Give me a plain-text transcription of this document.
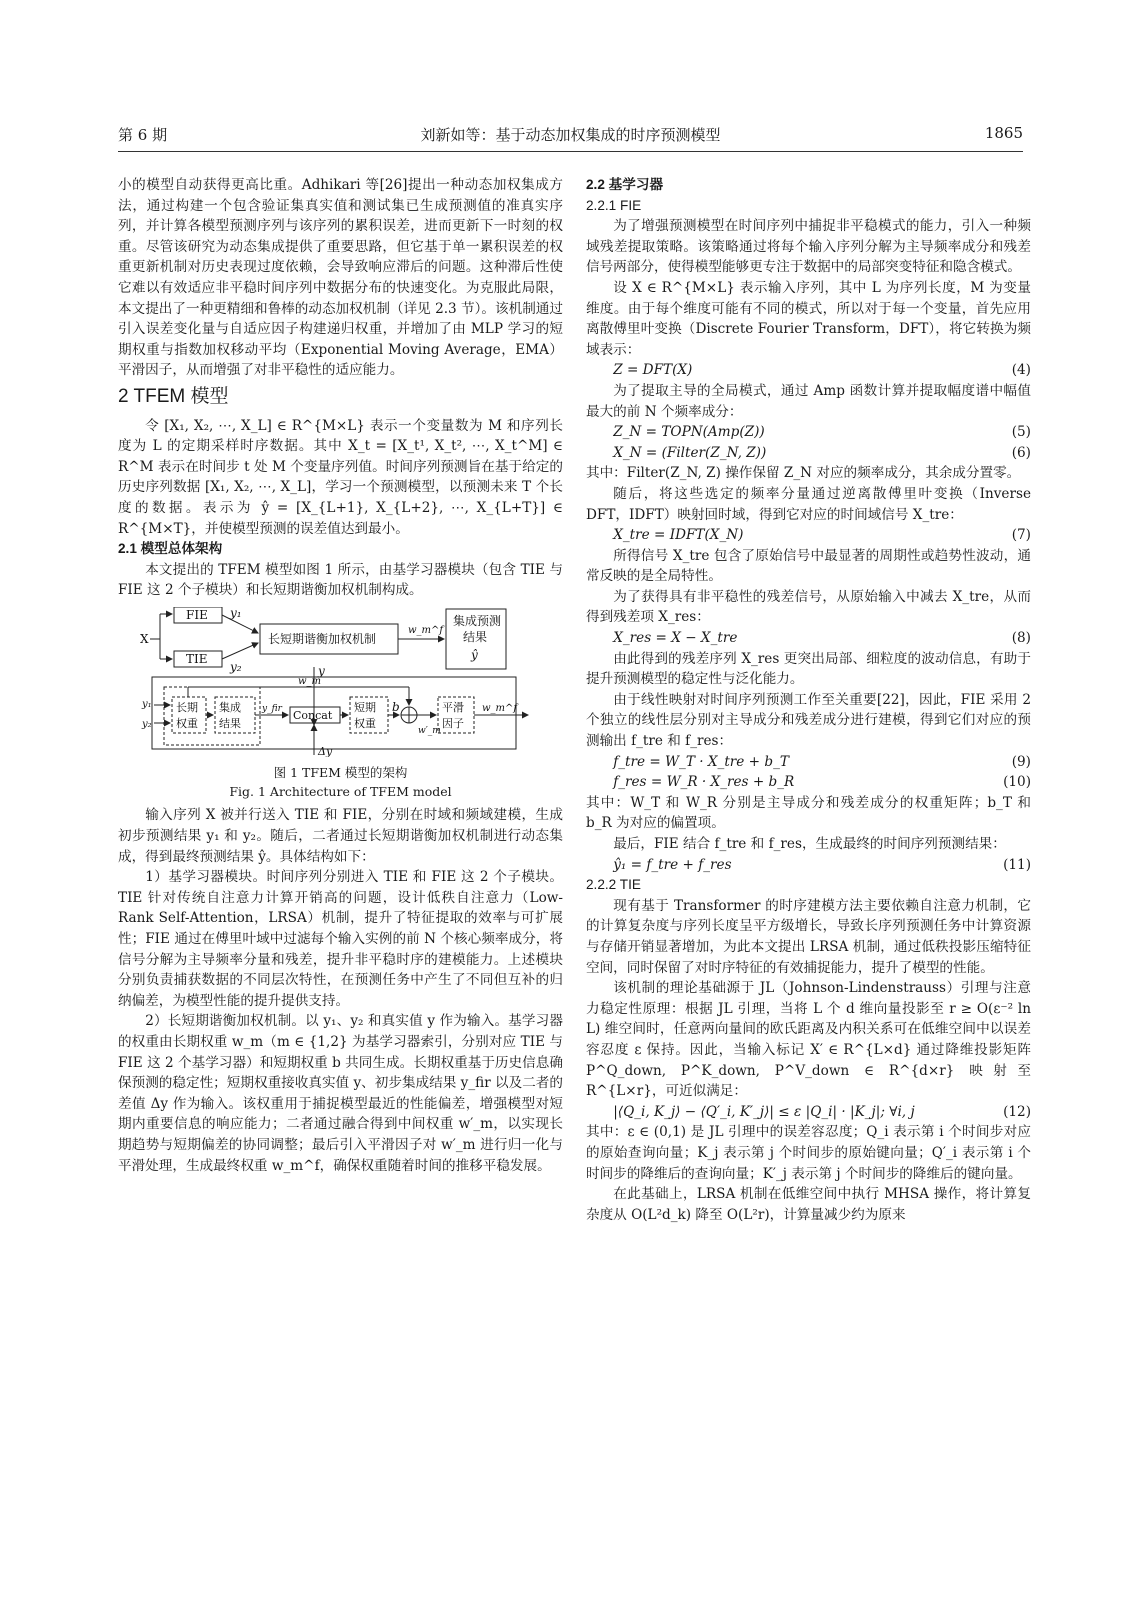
第 6 期	刘新如等：基于动态加权集成的时序预测模型	1865

小的模型自动获得更高比重。Adhikari 等[26]提出一种动态加权集成方法，通过构建一个包含验证集真实值和测试集已生成预测值的准真实序列，并计算各模型预测序列与该序列的累积误差，进而更新下一时刻的权重。尽管该研究为动态集成提供了重要思路，但它基于单一累积误差的权重更新机制对历史表现过度依赖，会导致响应滞后的问题。这种滞后性使它难以有效适应非平稳时间序列中数据分布的快速变化。为克服此局限，本文提出了一种更精细和鲁棒的动态加权机制（详见 2.3 节）。该机制通过引入误差变化量与自适应因子构建递归权重，并增加了由 MLP 学习的短期权重与指数加权移动平均（Exponential Moving Average，EMA）平滑因子，从而增强了对非平稳性的适应能力。

2 TFEM 模型

令 [X₁, X₂, ⋯, X_L] ∈ R^{M×L} 表示一个变量数为 M 和序列长度为 L 的定期采样时序数据。其中 X_t = [X_t¹, X_t², ⋯, X_t^M] ∈ R^M 表示在时间步 t 处 M 个变量序列值。时间序列预测旨在基于给定的历史序列数据 [X₁, X₂, ⋯, X_L]，学习一个预测模型，以预测未来 T 个长度的数据。表示为 ŷ = [X_{L+1}, X_{L+2}, ⋯, X_{L+T}] ∈ R^{M×T}，并使模型预测的误差值达到最小。

2.1 模型总体架构

本文提出的 TFEM 模型如图 1 所示，由基学习器模块（包含 TIE 与 FIE 这 2 个子模块）和长短期谐衡加权机制构成。

X
FIE
TIE
y₁
y₂
长短期谐衡加权机制
w_m^f
集成预测
结果
ŷ
y
w_m
y₁
y₂
长期
权重
集成
结果
y_fir Concat
短期
权重
b
w′_m
平滑
因子
w_m^f
Δy
图 1 TFEM 模型的架构
Fig. 1 Architecture of TFEM model

输入序列 X 被并行送入 TIE 和 FIE，分别在时域和频域建模，生成初步预测结果 y₁ 和 y₂。随后，二者通过长短期谐衡加权机制进行动态集成，得到最终预测结果 ŷ。具体结构如下：

1）基学习器模块。时间序列分别进入 TIE 和 FIE 这 2 个子模块。TIE 针对传统自注意力计算开销高的问题，设计低秩自注意力（Low-Rank Self-Attention，LRSA）机制，提升了特征提取的效率与可扩展性；FIE 通过在傅里叶域中过滤每个输入实例的前 N 个核心频率成分，将信号分解为主导频率分量和残差，提升非平稳时序的建模能力。上述模块分别负责捕获数据的不同层次特性，在预测任务中产生了不同但互补的归纳偏差，为模型性能的提升提供支持。

2）长短期谐衡加权机制。以 y₁、y₂ 和真实值 y 作为输入。基学习器的权重由长期权重 w_m（m ∈ {1,2} 为基学习器索引，分别对应 TIE 与 FIE 这 2 个基学习器）和短期权重 b 共同生成。长期权重基于历史信息确保预测的稳定性；短期权重接收真实值 y、初步集成结果 y_fir 以及二者的差值 Δy 作为输入。该权重用于捕捉模型最近的性能偏差，增强模型对短期内重要信息的响应能力；二者通过融合得到中间权重 w′_m，以实现长期趋势与短期偏差的协同调整；最后引入平滑因子对 w′_m 进行归一化与平滑处理，生成最终权重 w_m^f，确保权重随着时间的推移平稳发展。

2.2 基学习器
2.2.1 FIE

为了增强预测模型在时间序列中捕捉非平稳模式的能力，引入一种频域残差提取策略。该策略通过将每个输入序列分解为主导频率成分和残差信号两部分，使得模型能够更专注于数据中的局部突变特征和隐含模式。

设 X ∈ R^{M×L} 表示输入序列，其中 L 为序列长度，M 为变量维度。由于每个维度可能有不同的模式，所以对于每一个变量，首先应用离散傅里叶变换（Discrete Fourier Transform，DFT），将它转换为频域表示：

Z = DFT(X)	(4)

为了提取主导的全局模式，通过 Amp 函数计算并提取幅度谱中幅值最大的前 N 个频率成分：

Z_N = TOPN(Amp(Z))	(5)
X_N = (Filter(Z_N, Z))	(6)

其中：Filter(Z_N, Z) 操作保留 Z_N 对应的频率成分，其余成分置零。

随后，将这些选定的频率分量通过逆离散傅里叶变换（Inverse DFT，IDFT）映射回时域，得到它对应的时间域信号 X_tre：

X_tre = IDFT(X_N)	(7)

所得信号 X_tre 包含了原始信号中最显著的周期性或趋势性波动，通常反映的是全局特性。

为了获得具有非平稳性的残差信号，从原始输入中减去 X_tre，从而得到残差项 X_res：

X_res = X − X_tre	(8)

由此得到的残差序列 X_res 更突出局部、细粒度的波动信息，有助于提升预测模型的稳定性与泛化能力。

由于线性映射对时间序列预测工作至关重要[22]，因此，FIE 采用 2 个独立的线性层分别对主导成分和残差成分进行建模，得到它们对应的预测输出 f_tre 和 f_res：

f_tre = W_T · X_tre + b_T	(9)
f_res = W_R · X_res + b_R	(10)

其中：W_T 和 W_R 分别是主导成分和残差成分的权重矩阵；b_T 和 b_R 为对应的偏置项。

最后，FIE 结合 f_tre 和 f_res，生成最终的时间序列预测结果：

ŷ₁ = f_tre + f_res	(11)
2.2.2 TIE

现有基于 Transformer 的时序建模方法主要依赖自注意力机制，它的计算复杂度与序列长度呈平方级增长，导致长序列预测任务中计算资源与存储开销显著增加，为此本文提出 LRSA 机制，通过低秩投影压缩特征空间，同时保留了对时序特征的有效捕捉能力，提升了模型的性能。

该机制的理论基础源于 JL（Johnson-Lindenstrauss）引理与注意力稳定性原理：根据 JL 引理，当将 L 个 d 维向量投影至 r ≥ O(ε⁻² ln L) 维空间时，任意两向量间的欧氏距离及内积关系可在低维空间中以误差容忍度 ε 保持。因此，当输入标记 X′ ∈ R^{L×d} 通过降维投影矩阵 P^Q_down, P^K_down, P^V_down ∈ R^{d×r} 映射至 R^{L×r}，可近似满足：

|⟨Q_i, K_j⟩ − ⟨Q′_i, K′_j⟩| ≤ ε |Q_i| · |K_j|; ∀i, j	(12)

其中：ε ∈ (0,1) 是 JL 引理中的误差容忍度；Q_i 表示第 i 个时间步对应的原始查询向量；K_j 表示第 j 个时间步的原始键向量；Q′_i 表示第 i 个时间步的降维后的查询向量；K′_j 表示第 j 个时间步的降维后的键向量。

在此基础上，LRSA 机制在低维空间中执行 MHSA 操作，将计算复杂度从 O(L²d_k) 降至 O(L²r)，计算量减少约为原来
